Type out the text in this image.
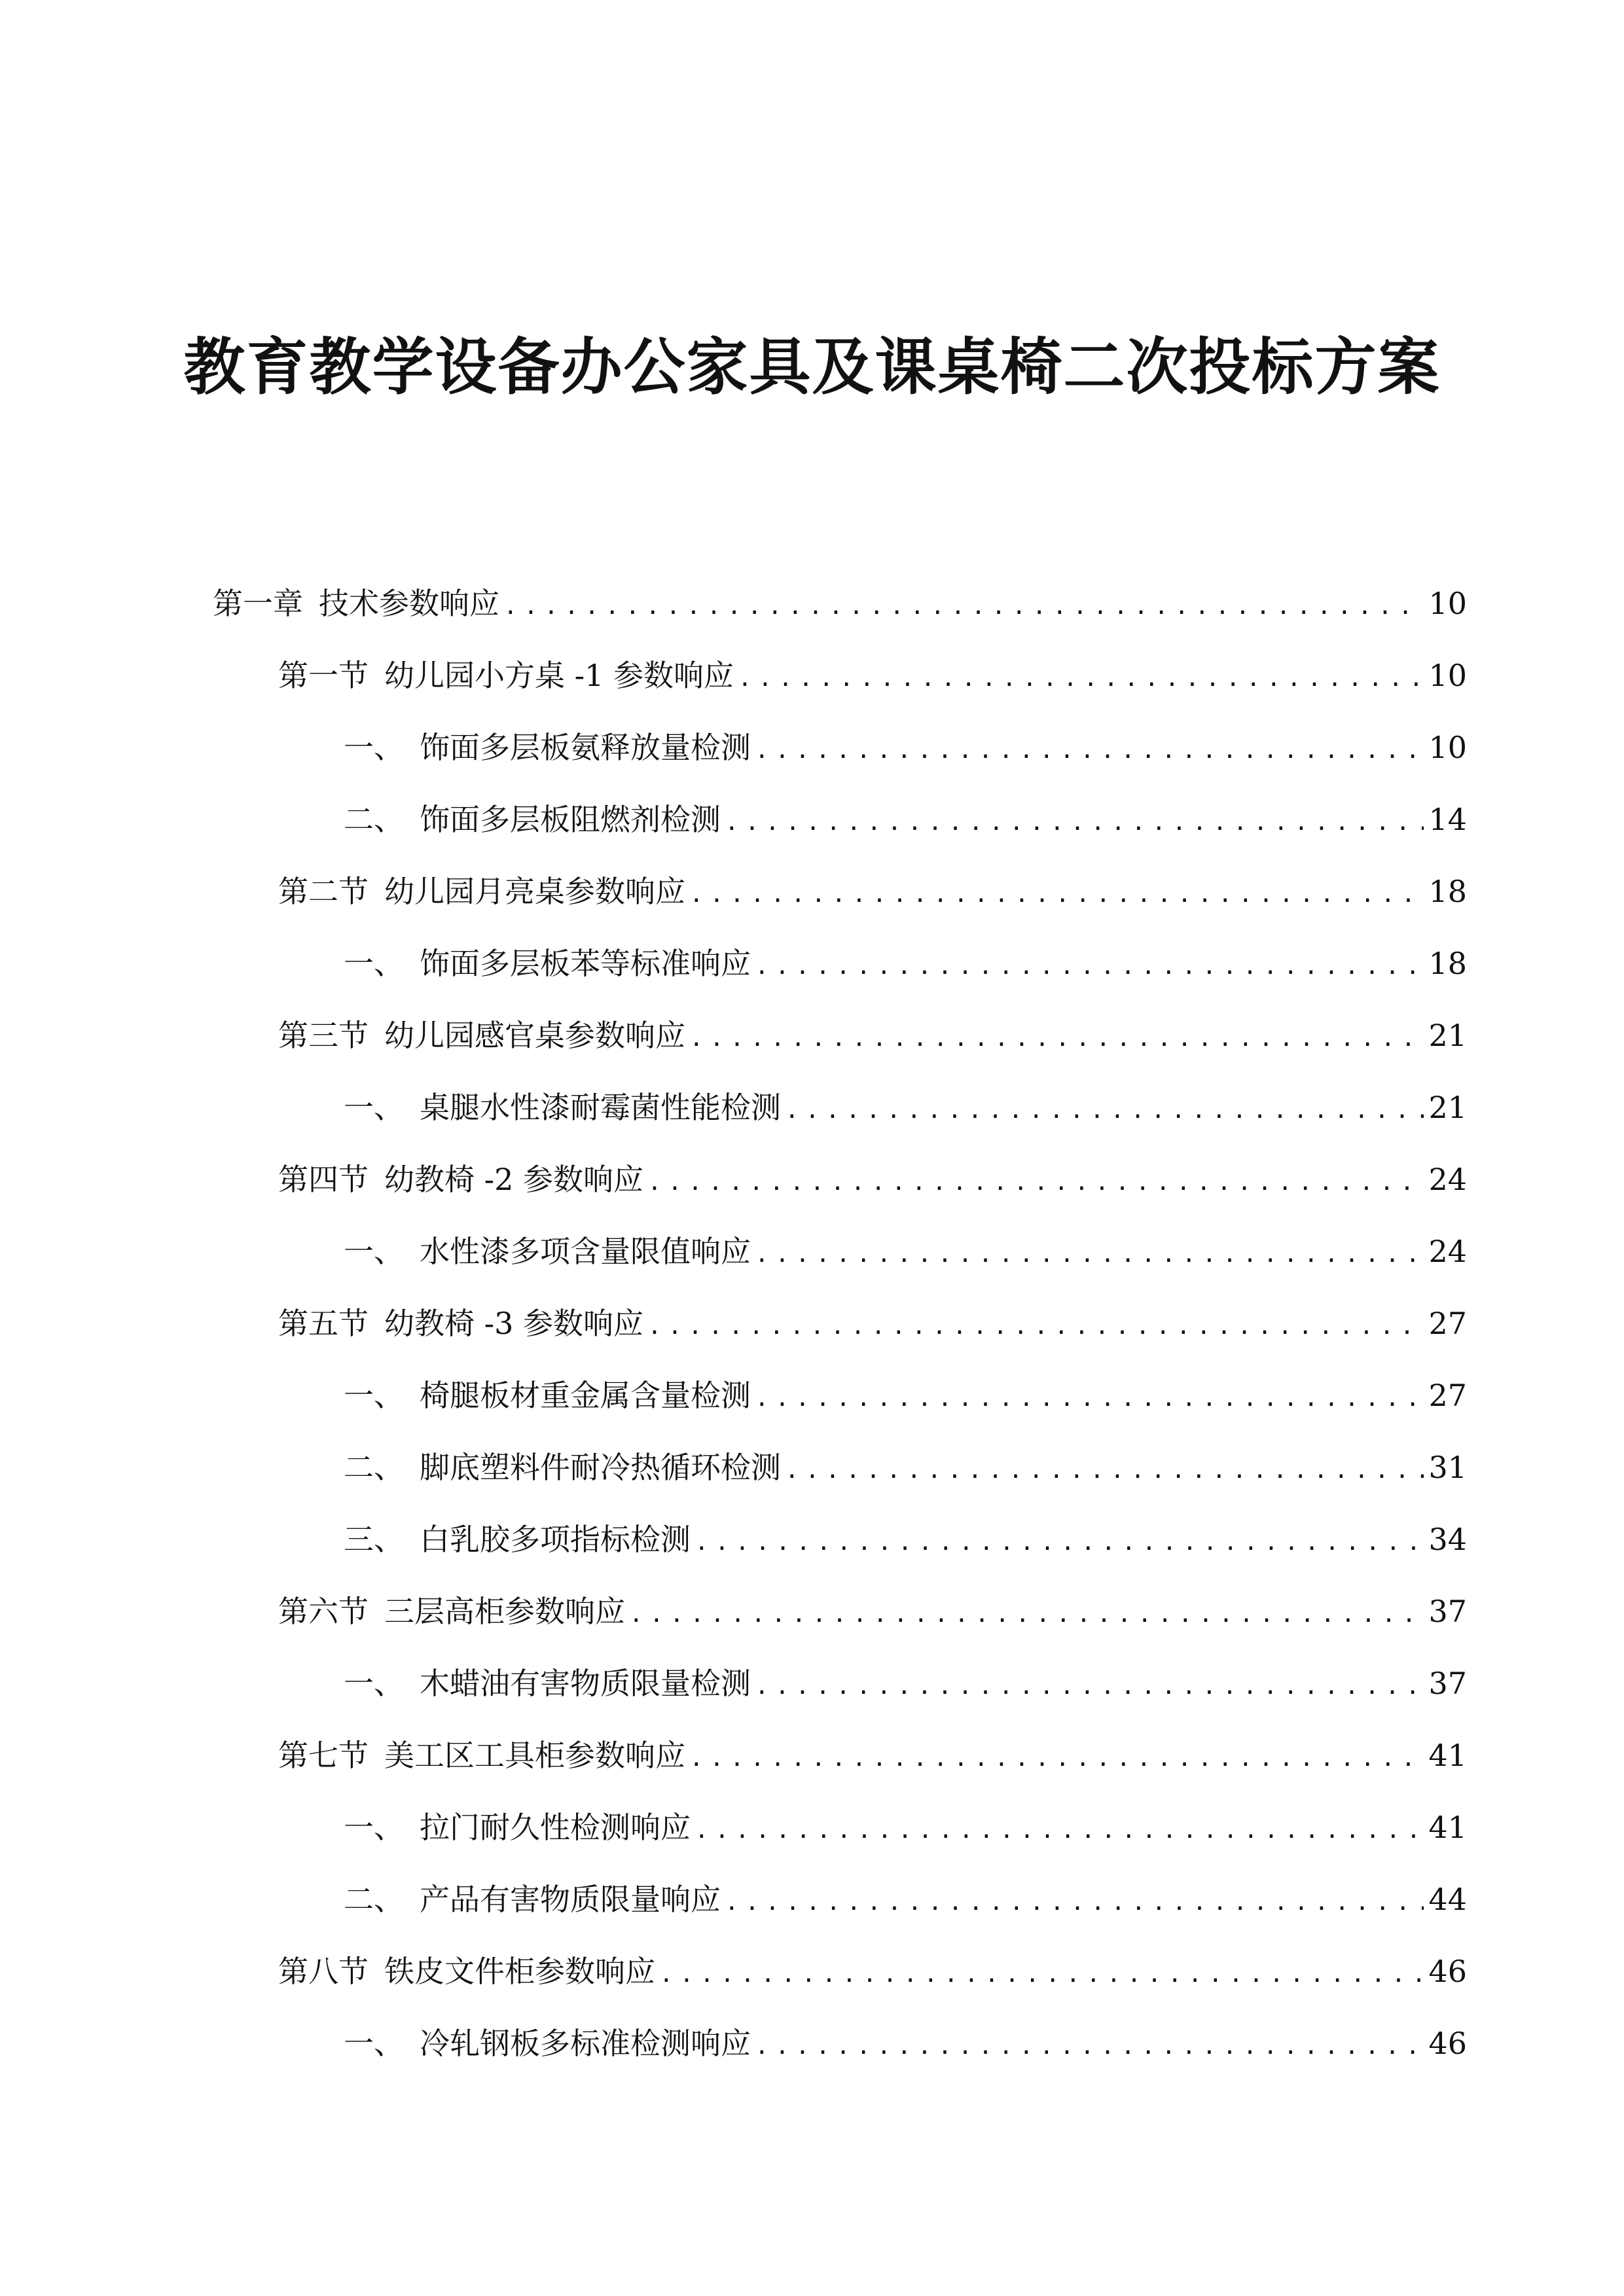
教育教学设备办公家具及课桌椅二次投标方案
第一章 技术参数响应 .....	10
第一节 幼儿园小方桌 -1 参数响应 .....	10
一、 饰面多层板氨释放量检测 .....	10
二、 饰面多层板阻燃剂检测 .....	14
第二节 幼儿园月亮桌参数响应 .....	18
一、 饰面多层板苯等标准响应 .....	18
第三节 幼儿园感官桌参数响应 .....	21
一、 桌腿水性漆耐霉菌性能检测 .....	21
第四节 幼教椅 -2 参数响应 .....	24
一、 水性漆多项含量限值响应 .....	24
第五节 幼教椅 -3 参数响应 .....	27
一、 椅腿板材重金属含量检测 .....	27
二、 脚底塑料件耐冷热循环检测 .....	31
三、 白乳胶多项指标检测 .....	34
第六节 三层高柜参数响应 .....	37
一、 木蜡油有害物质限量检测 .....	37
第七节 美工区工具柜参数响应 .....	41
一、 拉门耐久性检测响应 .....	41
二、 产品有害物质限量响应 .....	44
第八节 铁皮文件柜参数响应 .....	46
一、 冷轧钢板多标准检测响应 .....	46
